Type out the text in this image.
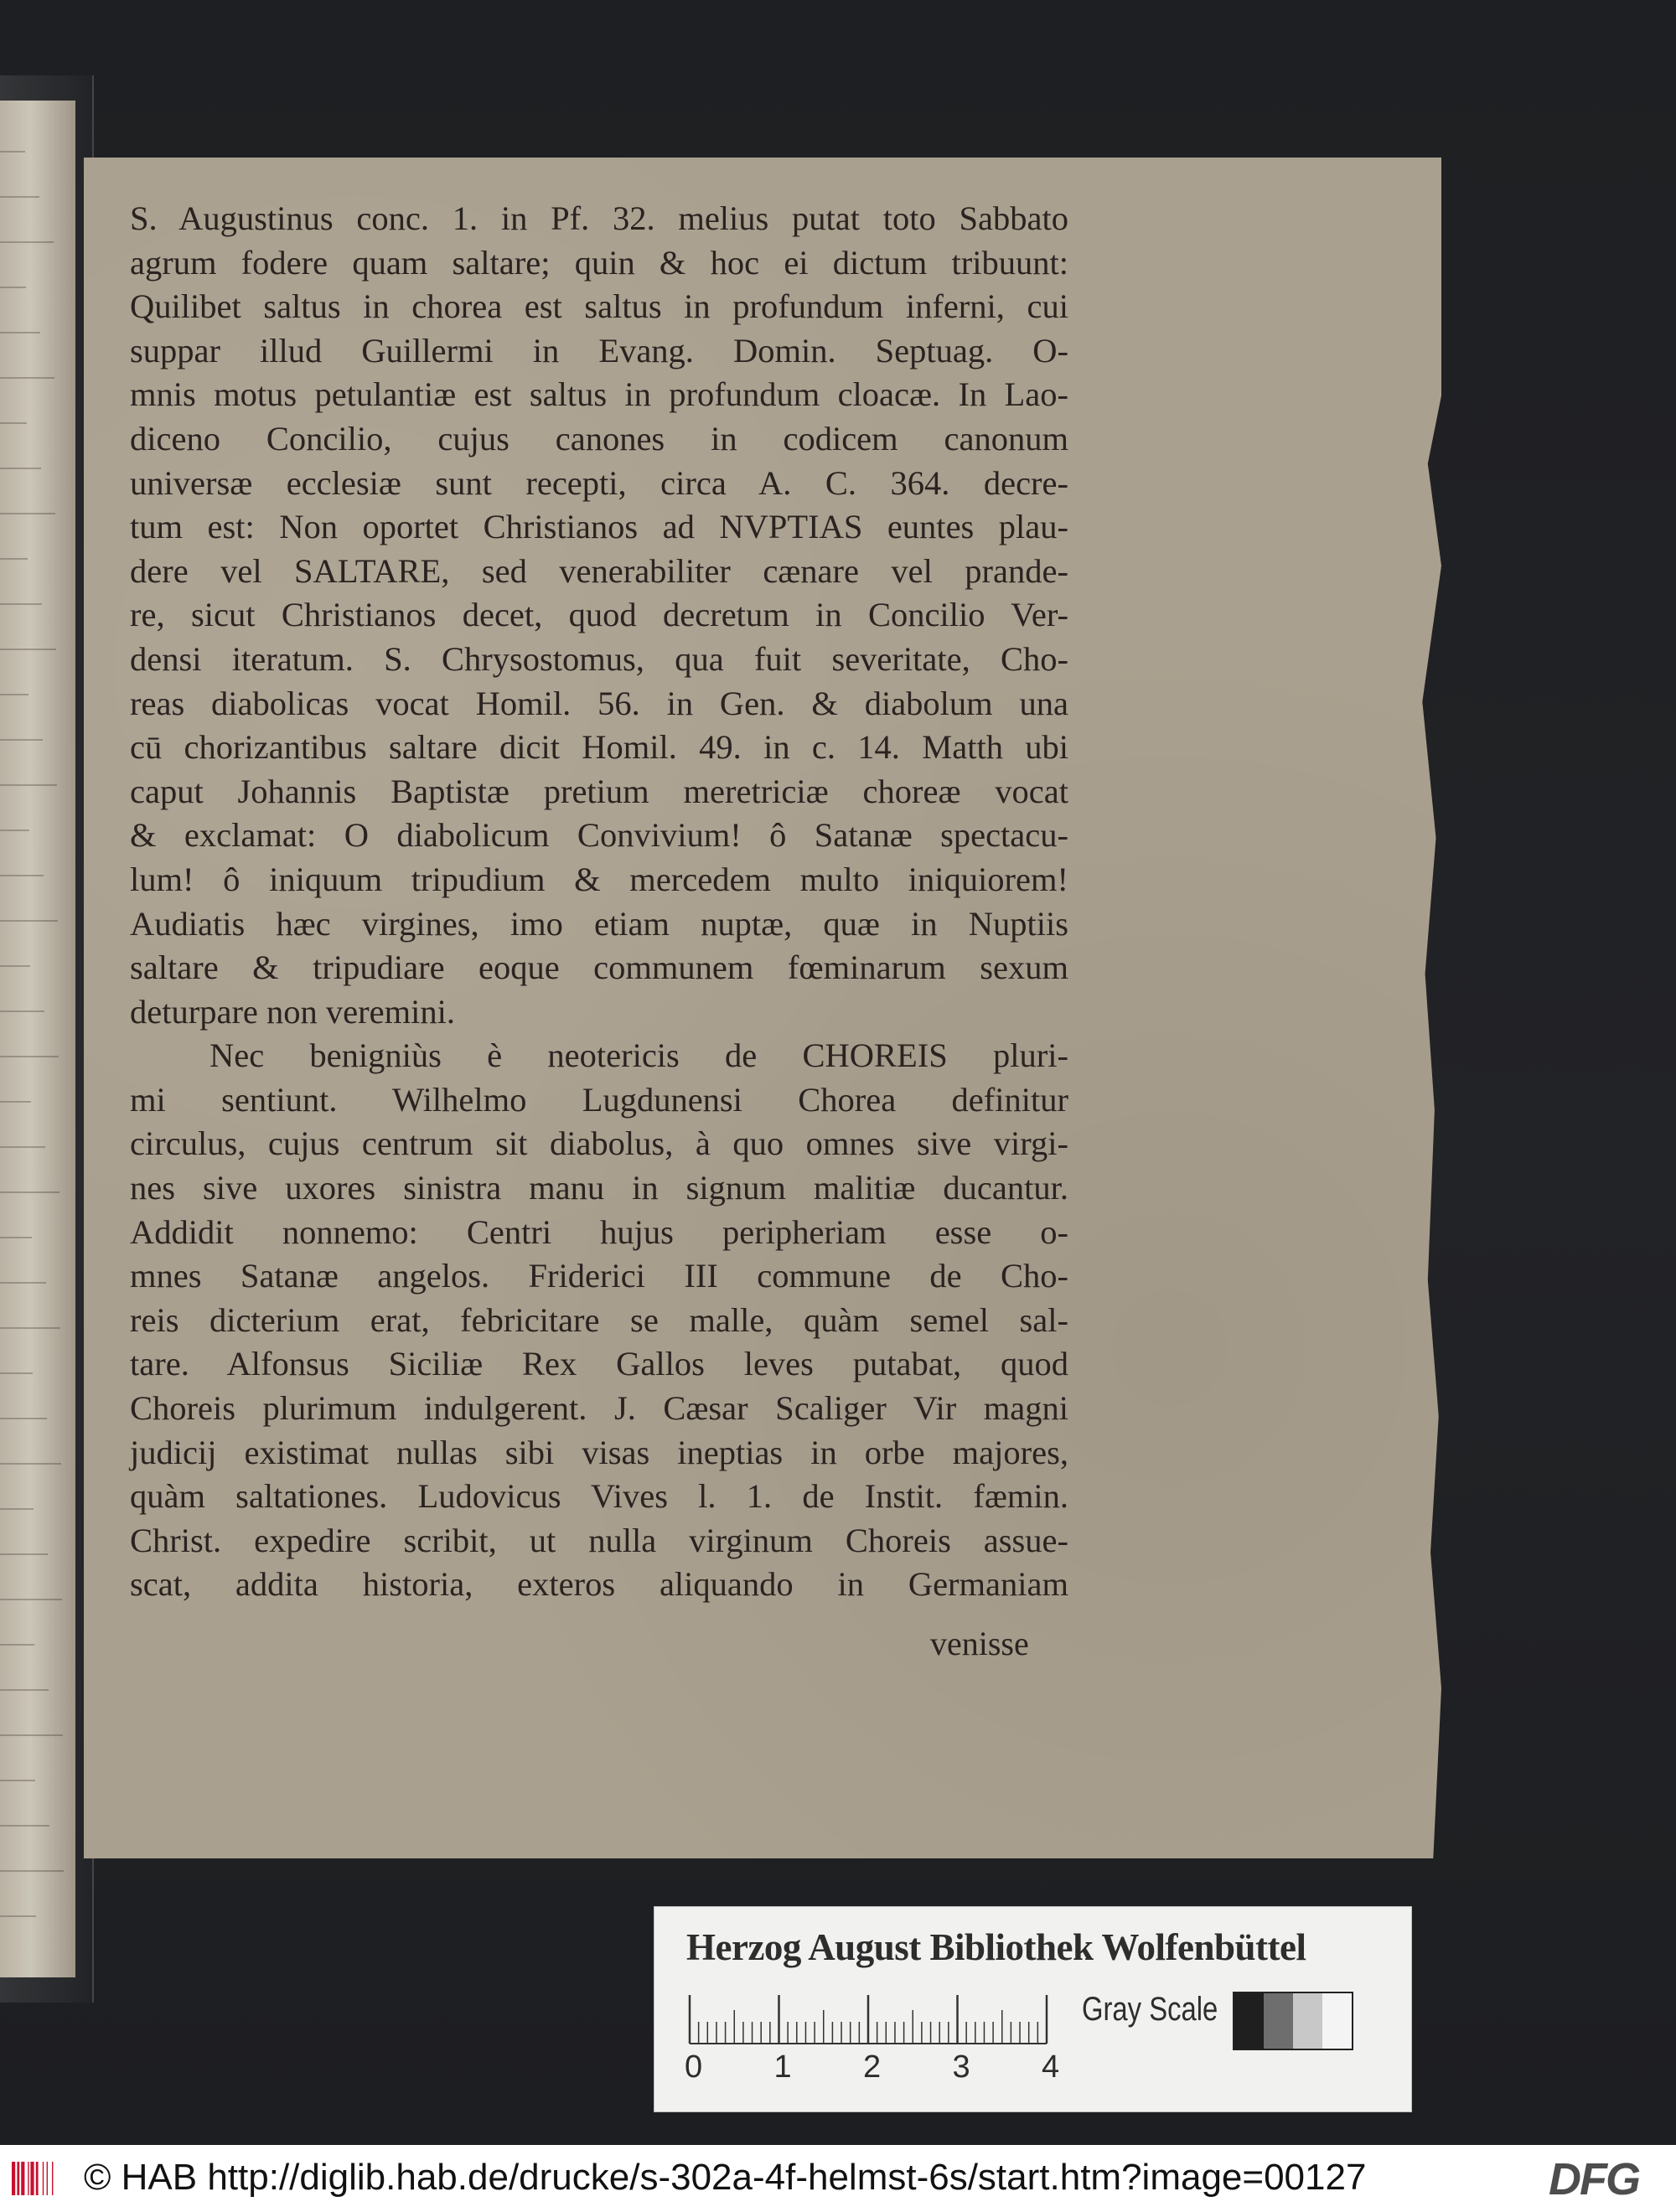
S. Augustinus conc. 1. in Pf. 32. melius putat toto Sabbato

agrum fodere quam saltare; quin & hoc ei dictum tribuunt:

Quilibet saltus in chorea est saltus in profundum inferni, cui

suppar illud Guillermi in Evang. Domin. Septuag. O-

mnis motus petulantiæ est saltus in profundum cloacæ. In Lao-

diceno Concilio, cujus canones in codicem canonum

universæ ecclesiæ sunt recepti, circa A. C. 364. decre-

tum est: Non oportet Christianos ad NVPTIAS euntes plau-

dere vel SALTARE, sed venerabiliter cænare vel prande-

re, sicut Christianos decet, quod decretum in Concilio Ver-

densi iteratum. S. Chrysostomus, qua fuit severitate, Cho-

reas diabolicas vocat Homil. 56. in Gen. & diabolum una

cū chorizantibus saltare dicit Homil. 49. in c. 14. Matth ubi

caput Johannis Baptistæ pretium meretriciæ choreæ vocat

& exclamat: O diabolicum Convivium! ô Satanæ spectacu-

lum! ô iniquum tripudium & mercedem multo iniquiorem!

Audiatis hæc virgines, imo etiam nuptæ, quæ in Nuptiis

saltare & tripudiare eoque communem fœminarum sexum

deturpare non veremini.

Nec benigniùs è neotericis de CHOREIS pluri-

mi sentiunt. Wilhelmo Lugdunensi Chorea definitur

circulus, cujus centrum sit diabolus, à quo omnes sive virgi-

nes sive uxores sinistra manu in signum malitiæ ducantur.

Addidit nonnemo: Centri hujus peripheriam esse o-

mnes Satanæ angelos. Friderici III commune de Cho-

reis dicterium erat, febricitare se malle, quàm semel sal-

tare. Alfonsus Siciliæ Rex Gallos leves putabat, quod

Choreis plurimum indulgerent. J. Cæsar Scaliger Vir magni

judicij existimat nullas sibi visas ineptias in orbe majores,

quàm saltationes. Ludovicus Vives l. 1. de Instit. fæmin.

Christ. expedire scribit, ut nulla virginum Choreis assue-

scat, addita historia, exteros aliquando in Germaniam

venisse
Herzog August Bibliothek Wolfenbüttel
0 1 2 3 4
Gray Scale
© HAB http://diglib.hab.de/drucke/s-302a-4f-helmst-6s/start.htm?image=00127	DFG
